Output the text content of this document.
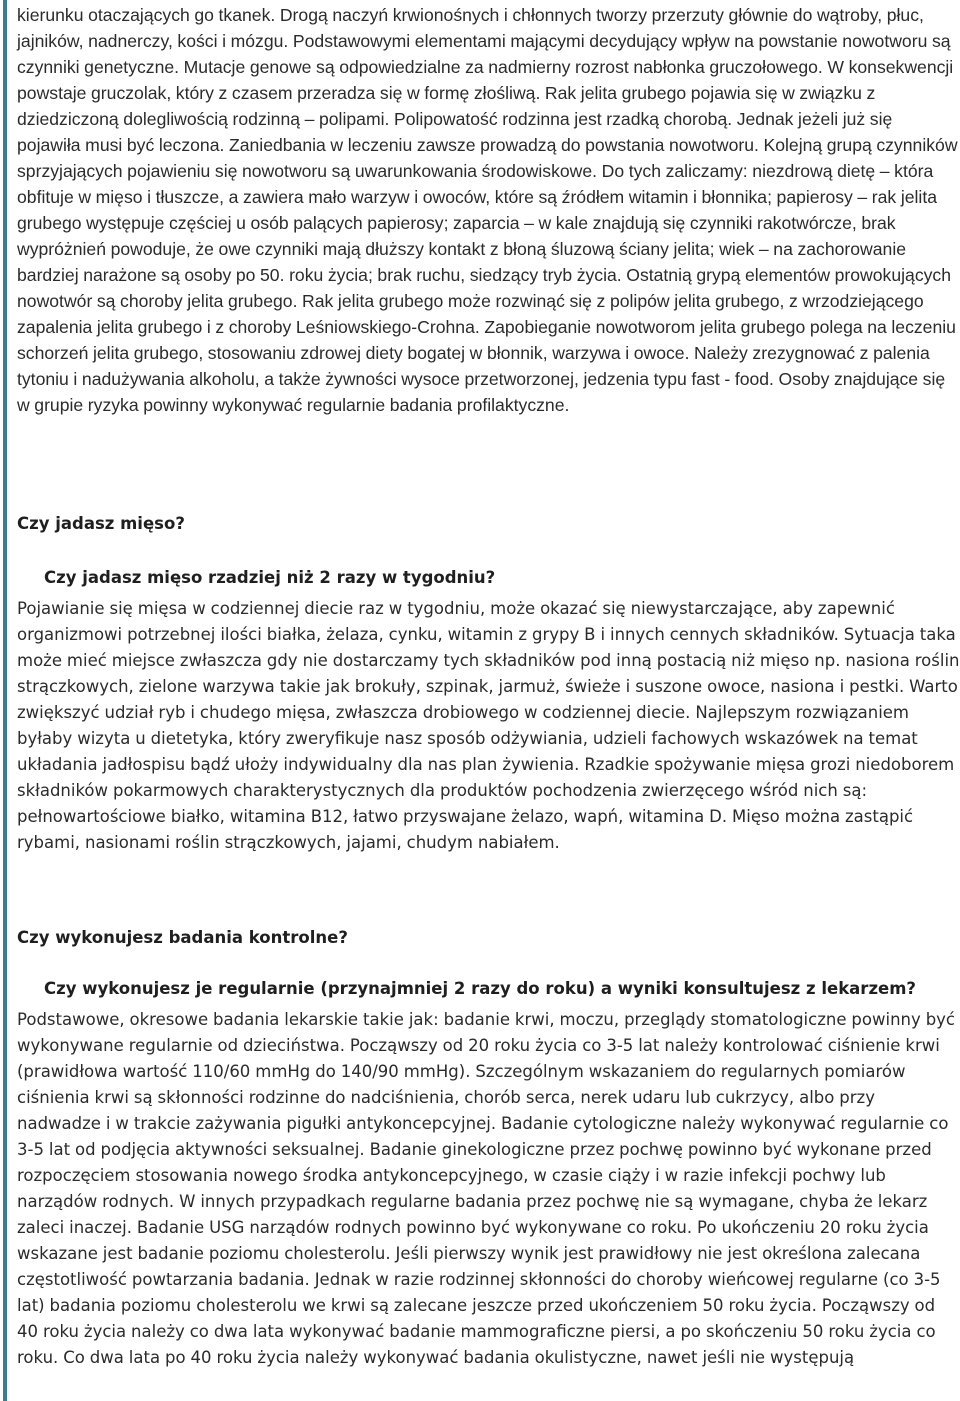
kierunku otaczających go tkanek. Drogą naczyń krwionośnych i chłonnych tworzy przerzuty głównie do wątroby, płuc, jajników, nadnerczy, kości i mózgu. Podstawowymi elementami mającymi decydujący wpływ na powstanie nowotworu są czynniki genetyczne. Mutacje genowe są odpowiedzialne za nadmierny rozrost nabłonka gruczołowego. W konsekwencji powstaje gruczolak, który z czasem przeradza się w formę złośliwą. Rak jelita grubego pojawia się w związku z dziedziczoną dolegliwością rodzinną – polipami. Polipowatość rodzinna jest rzadką chorobą. Jednak jeżeli już się pojawiła musi być leczona. Zaniedbania w leczeniu zawsze prowadzą do powstania nowotworu. Kolejną grupą czynników sprzyjających pojawieniu się nowotworu są uwarunkowania środowiskowe. Do tych zaliczamy: niezdrową dietę – która obfituje w mięso i tłuszcze, a zawiera mało warzyw i owoców, które są źródłem witamin i błonnika; papierosy – rak jelita grubego występuje częściej u osób palących papierosy; zaparcia – w kale znajdują się czynniki rakotwórcze, brak wypróżnień powoduje, że owe czynniki mają dłuższy kontakt z błoną śluzową ściany jelita; wiek – na zachorowanie bardziej narażone są osoby po 50. roku życia; brak ruchu, siedzący tryb życia. Ostatnią grypą elementów prowokujących nowotwór są choroby jelita grubego. Rak jelita grubego może rozwinąć się z polipów jelita grubego, z wrzodziejącego zapalenia jelita grubego i z choroby Leśniowskiego-Crohna. Zapobieganie nowotworom jelita grubego polega na leczeniu schorzeń jelita grubego, stosowaniu zdrowej diety bogatej w błonnik, warzywa i owoce. Należy zrezygnować z palenia tytoniu i nadużywania alkoholu, a także żywności wysoce przetworzonej, jedzenia typu fast - food. Osoby znajdujące się w grupie ryzyka powinny wykonywać regularnie badania profilaktyczne.

Czy jadasz mięso?

Czy jadasz mięso rzadziej niż 2 razy w tygodniu?

Pojawianie się mięsa w codziennej diecie raz w tygodniu, może okazać się niewystarczające, aby zapewnić organizmowi potrzebnej ilości białka, żelaza, cynku, witamin z grypy B i innych cennych składników. Sytuacja taka może mieć miejsce zwłaszcza gdy nie dostarczamy tych składników pod inną postacią niż mięso np. nasiona roślin strączkowych, zielone warzywa takie jak brokuły, szpinak, jarmuż, świeże i suszone owoce, nasiona i pestki. Warto zwiększyć udział ryb i chudego mięsa, zwłaszcza drobiowego w codziennej diecie. Najlepszym rozwiązaniem byłaby wizyta u dietetyka, który zweryfikuje nasz sposób odżywiania, udzieli fachowych wskazówek na temat układania jadłospisu bądź ułoży indywidualny dla nas plan żywienia. Rzadkie spożywanie mięsa grozi niedoborem składników pokarmowych charakterystycznych dla produktów pochodzenia zwierzęcego wśród nich są: pełnowartościowe białko, witamina B12, łatwo przyswajane żelazo, wapń, witamina D. Mięso można zastąpić rybami, nasionami roślin strączkowych, jajami, chudym nabiałem.

Czy wykonujesz badania kontrolne?

Czy wykonujesz je regularnie (przynajmniej 2 razy do roku) a wyniki konsultujesz z lekarzem?

Podstawowe, okresowe badania lekarskie takie jak: badanie krwi, moczu, przeglądy stomatologiczne powinny być wykonywane regularnie od dzieciństwa. Począwszy od 20 roku życia co 3-5 lat należy kontrolować ciśnienie krwi (prawidłowa wartość 110/60 mmHg do 140/90 mmHg). Szczególnym wskazaniem do regularnych pomiarów ciśnienia krwi są skłonności rodzinne do nadciśnienia, chorób serca, nerek udaru lub cukrzycy, albo przy nadwadze i w trakcie zażywania pigułki antykoncepcyjnej. Badanie cytologiczne należy wykonywać regularnie co 3-5 lat od podjęcia aktywności seksualnej. Badanie ginekologiczne przez pochwę powinno być wykonane przed rozpoczęciem stosowania nowego środka antykoncepcyjnego, w czasie ciąży i w razie infekcji pochwy lub narządów rodnych. W innych przypadkach regularne badania przez pochwę nie są wymagane, chyba że lekarz zaleci inaczej. Badanie USG narządów rodnych powinno być wykonywane co roku. Po ukończeniu 20 roku życia wskazane jest badanie poziomu cholesterolu. Jeśli pierwszy wynik jest prawidłowy nie jest określona zalecana częstotliwość powtarzania badania. Jednak w razie rodzinnej skłonności do choroby wieńcowej regularne (co 3-5 lat) badania poziomu cholesterolu we krwi są zalecane jeszcze przed ukończeniem 50 roku życia. Począwszy od 40 roku życia należy co dwa lata wykonywać badanie mammograficzne piersi, a po skończeniu 50 roku życia co roku. Co dwa lata po 40 roku życia należy wykonywać badania okulistyczne, nawet jeśli nie występują
